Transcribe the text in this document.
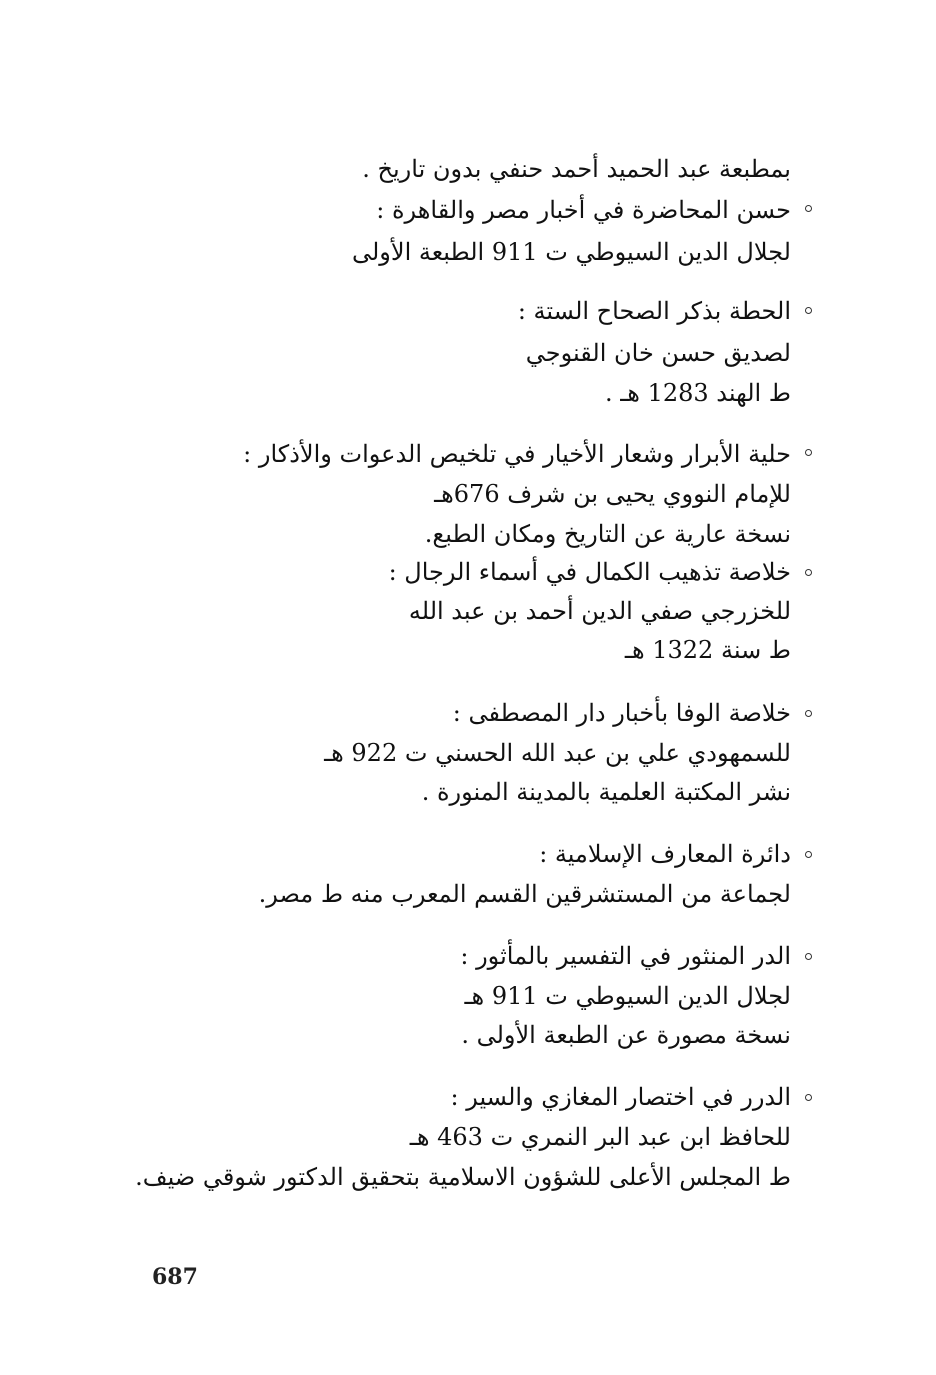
بمطبعة عبد الحميد أحمد حنفي بدون تاريخ .
حسن المحاضرة في أخبار مصر والقاهرة :
لجلال الدين السيوطي ت 911 الطبعة الأولى
الحطة بذكر الصحاح الستة :
لصديق حسن خان القنوجي
ط الهند 1283 هـ .
حلية الأبرار وشعار الأخيار في تلخيص الدعوات والأذكار :
للإمام النووي يحيى بن شرف 676هـ
نسخة عارية عن التاريخ ومكان الطبع.
خلاصة تذهيب الكمال في أسماء الرجال :
للخزرجي صفي الدين أحمد بن عبد الله
ط سنة 1322 هـ
خلاصة الوفا بأخبار دار المصطفى :
للسمهودي علي بن عبد الله الحسني ت 922 هـ
نشر المكتبة العلمية بالمدينة المنورة .
دائرة المعارف الإسلامية :
لجماعة من المستشرقين القسم المعرب منه ط مصر.
الدر المنثور في التفسير بالمأثور :
لجلال الدين السيوطي ت 911 هـ
نسخة مصورة عن الطبعة الأولى .
الدرر في اختصار المغازي والسير :
للحافظ ابن عبد البر النمري ت 463 هـ
ط المجلس الأعلى للشؤون الاسلامية بتحقيق الدكتور شوقي ضيف.
687
